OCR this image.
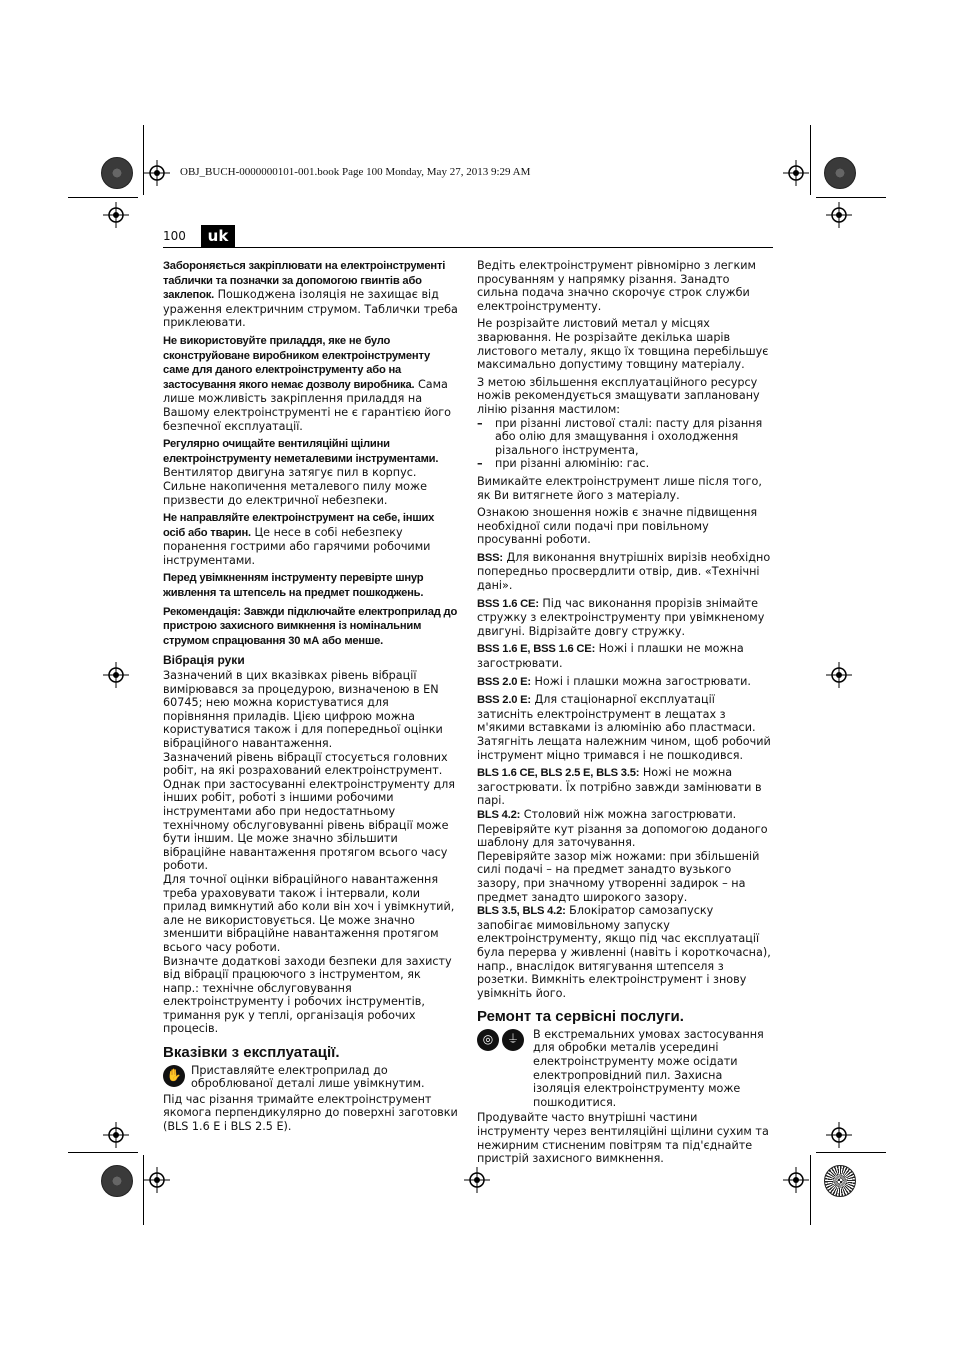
OBJ_BUCH-0000000101-001.book Page 100 Monday, May 27, 2013 9:29 AM
100	uk

Забороняється закріплювати на електроінструменті таблички та позначки за допомогою гвинтів або заклепок. Пошкоджена ізоляція не захищає від ураження електричним струмом. Таблички треба приклеювати.

Не використовуйте приладдя, яке не було сконструйоване виробником електроінструменту саме для даного електроінструменту або на застосування якого немає дозволу виробника. Сама лише можливість закріплення приладдя на Вашому електроінструменті не є гарантією його безпечної експлуатації.

Регулярно очищайте вентиляційні щілини електроінструменту неметалевими інструментами. Вентилятор двигуна затягує пил в корпус. Сильне накопичення металевого пилу може призвести до електричної небезпеки.

Не направляйте електроінструмент на себе, інших осіб або тварин. Це несе в собі небезпеку поранення гострими або гарячими робочими інструментами.

Перед увімкненням інструменту перевірте шнур живлення та штепсель на предмет пошкоджень.

Рекомендація: Завжди підключайте електроприлад до пристрою захисного вимкнення із номінальним струмом спрацювання 30 мА або менше.

Вібрація руки

Зазначений в цих вказівках рівень вібрації вимірювався за процедурою, визначеною в EN 60745; нею можна користуватися для порівняння приладів. Цією цифрою можна користуватися також і для попередньої оцінки вібраційного навантаження.

Зазначений рівень вібрації стосується головних робіт, на які розрахований електроінструмент. Однак при застосуванні електроінструменту для інших робіт, роботі з іншими робочими інструментами або при недостатньому технічному обслуговуванні рівень вібрації може бути іншим. Це може значно збільшити вібраційне навантаження протягом всього часу роботи.

Для точної оцінки вібраційного навантаження треба ураховувати також і інтервали, коли прилад вимкнутий або коли він хоч і увімкнутий, але не використовується. Це може значно зменшити вібраційне навантаження протягом всього часу роботи.

Визначте додаткові заходи безпеки для захисту від вібрації працюючого з інструментом, як напр.: технічне обслуговування електроінструменту і робочих інструментів, тримання рук у теплі, організація робочих процесів.

Вказівки з експлуатації.
✋ Приставляйте електроприлад до оброблюваної деталі лише увімкнутим.

Під час різання тримайте електроінструмент якомога перпендикулярно до поверхні заготовки (BLS 1.6 E і BLS 2.5 E).

Ведіть електроінструмент рівномірно з легким просуванням у напрямку різання. Занадто сильна подача значно скорочує строк служби електроінструменту.

Не розрізайте листовий метал у місцях зварювання. Не розрізайте декілька шарів листового металу, якщо їх товщина перебільшує максимально допустиму товщину матеріалу.

З метою збільшення експлуатаційного ресурсу ножів рекомендується змащувати заплановану лінію різання мастилом:

– при різанні листової сталі: пасту для різання або олію для змащування і охолодження різального інструмента,
– при різанні алюмінію: гас.

Вимикайте електроінструмент лише після того, як Ви витягнете його з матеріалу.

Ознакою зношення ножів є значне підвищення необхідної сили подачі при повільному просуванні роботи.

BSS: Для виконання внутрішніх вирізів необхідно попередньо просвердлити отвір, див. «Технічні дані».

BSS 1.6 CE: Під час виконання прорізів знімайте стружку з електроінструменту при увімкненому двигуні. Відрізайте довгу стружку.

BSS 1.6 E, BSS 1.6 CE: Ножі і плашки не можна загострювати.

BSS 2.0 E: Ножі і плашки можна загострювати.

BSS 2.0 E: Для стаціонарної експлуатації затисніть електроінструмент в лещатах з м'якими вставками із алюмінію або пластмаси. Затягніть лещата належним чином, щоб робочий інструмент міцно тримався і не пошкодився.

BLS 1.6 CE, BLS 2.5 E, BLS 3.5: Ножі не можна загострювати. Їх потрібно завжди замінювати в парі.

BLS 4.2: Столовий ніж можна загострювати.

Перевіряйте кут різання за допомогою доданого шаблону для заточування.

Перевіряйте зазор між ножами: при збільшеній силі подачі – на предмет занадто вузького зазору, при значному утворенні задирок – на предмет занадто широкого зазору.

BLS 3.5, BLS 4.2: Блокіратор самозапуску запобігає мимовільному запуску електроінструменту, якщо під час експлуатації була перерва у живленні (навіть і короткочасна), напр., внаслідок витягування штепселя з розетки. Вимкніть електроінструмент і знову увімкніть його.

Ремонт та сервісні послуги.
◎	⏚	В екстремальних умовах застосування для обробки металів усередині електроінструменту може осідати електропровідний пил. Захисна ізоляція електроінструменту може пошкодитися.

Продувайте часто внутрішні частини інструменту через вентиляційні щілини сухим та нежирним стисненим повітрям та під'єднайте пристрій захисного вимкнення.
